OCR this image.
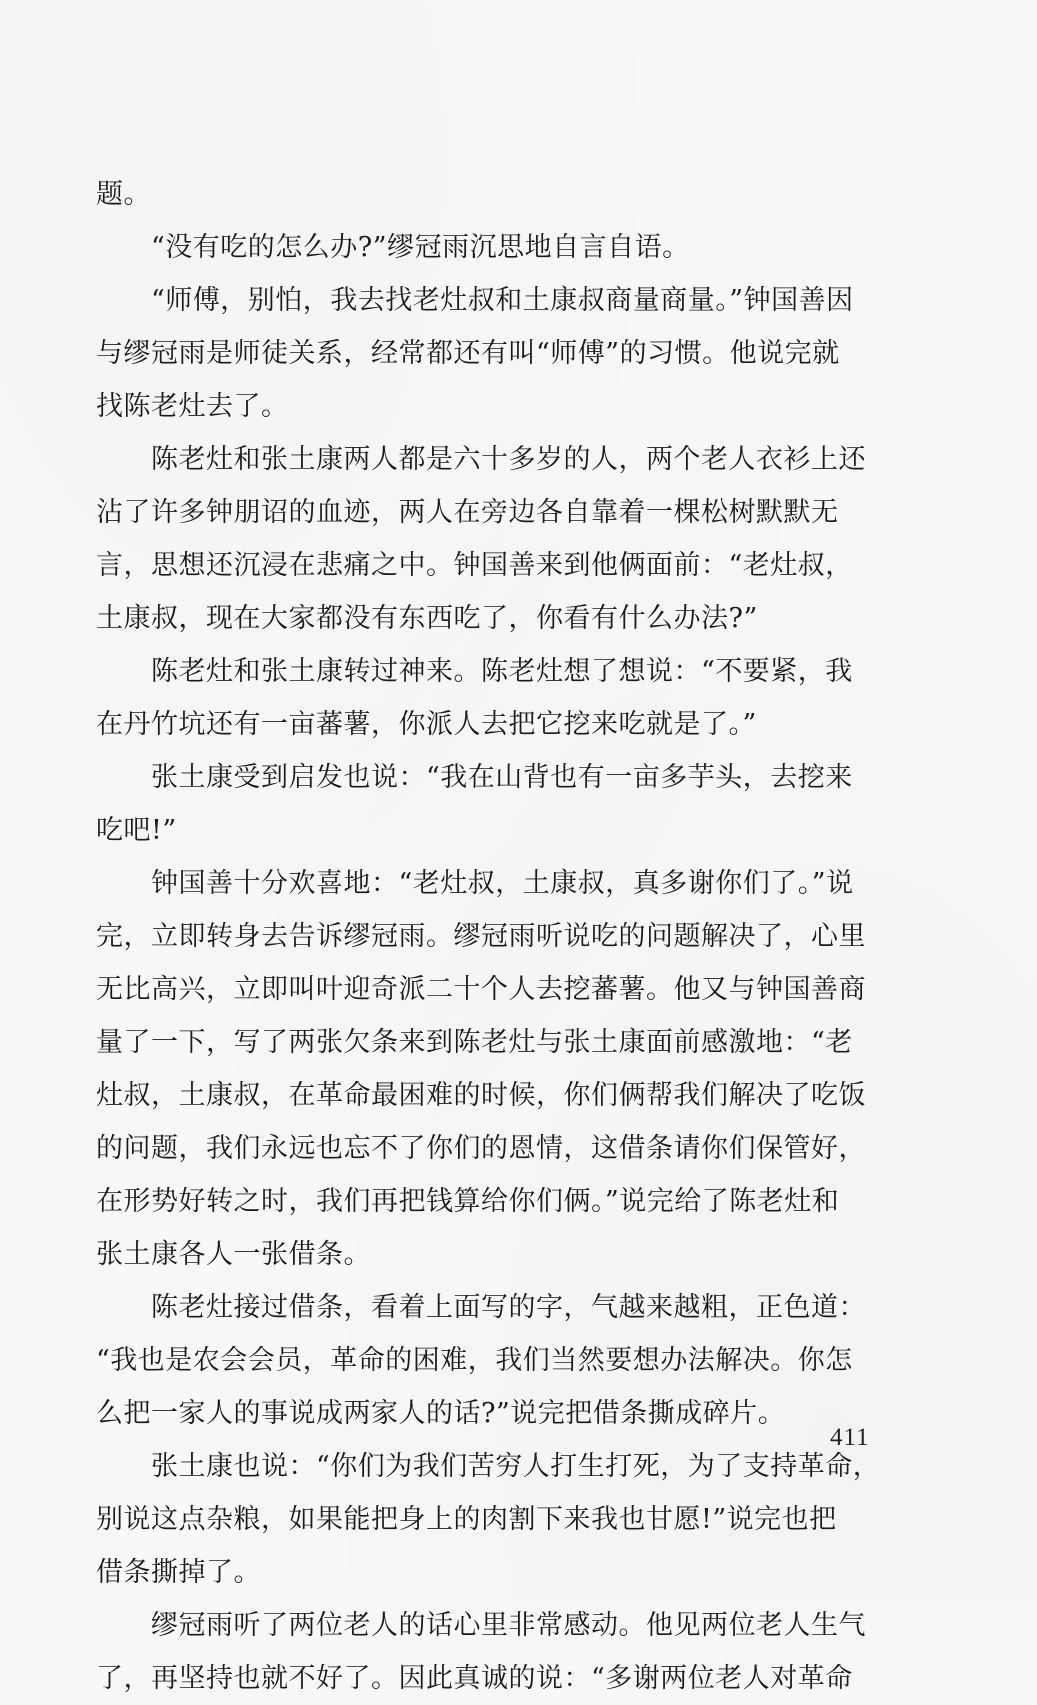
题。
“没有吃的怎么办?”缪冠雨沉思地自言自语。
“师傅，别怕，我去找老灶叔和土康叔商量商量。”钟国善因
与缪冠雨是师徒关系，经常都还有叫“师傅”的习惯。他说完就
找陈老灶去了。
陈老灶和张土康两人都是六十多岁的人，两个老人衣衫上还
沾了许多钟朋诏的血迹，两人在旁边各自靠着一棵松树默默无
言，思想还沉浸在悲痛之中。钟国善来到他俩面前：“老灶叔，
土康叔，现在大家都没有东西吃了，你看有什么办法?”
陈老灶和张土康转过神来。陈老灶想了想说：“不要紧，我
在丹竹坑还有一亩蕃薯，你派人去把它挖来吃就是了。”
张土康受到启发也说：“我在山背也有一亩多芋头，去挖来
吃吧!”
钟国善十分欢喜地：“老灶叔，土康叔，真多谢你们了。”说
完，立即转身去告诉缪冠雨。缪冠雨听说吃的问题解决了，心里
无比高兴，立即叫叶迎奇派二十个人去挖蕃薯。他又与钟国善商
量了一下，写了两张欠条来到陈老灶与张土康面前感激地：“老
灶叔，土康叔，在革命最困难的时候，你们俩帮我们解决了吃饭
的问题，我们永远也忘不了你们的恩情，这借条请你们保管好，
在形势好转之时，我们再把钱算给你们俩。”说完给了陈老灶和
张土康各人一张借条。
陈老灶接过借条，看着上面写的字，气越来越粗，正色道：
“我也是农会会员，革命的困难，我们当然要想办法解决。你怎
么把一家人的事说成两家人的话?”说完把借条撕成碎片。
张土康也说：“你们为我们苦穷人打生打死，为了支持革命，
别说这点杂粮，如果能把身上的肉割下来我也甘愿!”说完也把
借条撕掉了。
缪冠雨听了两位老人的话心里非常感动。他见两位老人生气
了，再坚持也就不好了。因此真诚的说：“多谢两位老人对革命
411
